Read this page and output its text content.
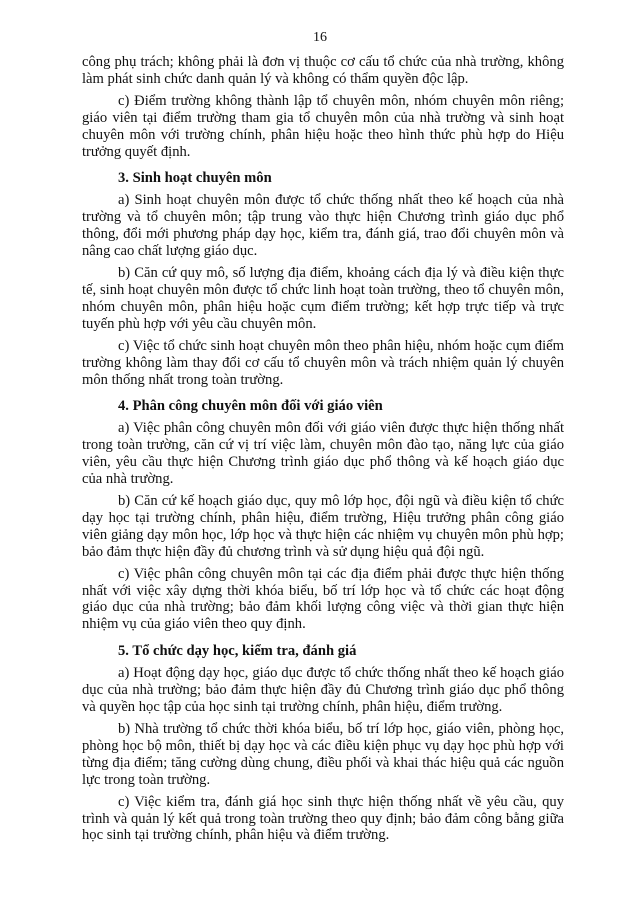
16

công phụ trách; không phải là đơn vị thuộc cơ cấu tổ chức của nhà trường, không làm phát sinh chức danh quản lý và không có thẩm quyền độc lập.

c) Điểm trường không thành lập tổ chuyên môn, nhóm chuyên môn riêng; giáo viên tại điểm trường tham gia tổ chuyên môn của nhà trường và sinh hoạt chuyên môn với trường chính, phân hiệu hoặc theo hình thức phù hợp do Hiệu trưởng quyết định.

3. Sinh hoạt chuyên môn

a) Sinh hoạt chuyên môn được tổ chức thống nhất theo kế hoạch của nhà trường và tổ chuyên môn; tập trung vào thực hiện Chương trình giáo dục phổ thông, đổi mới phương pháp dạy học, kiểm tra, đánh giá, trao đổi chuyên môn và nâng cao chất lượng giáo dục.

b) Căn cứ quy mô, số lượng địa điểm, khoảng cách địa lý và điều kiện thực tế, sinh hoạt chuyên môn được tổ chức linh hoạt toàn trường, theo tổ chuyên môn, nhóm chuyên môn, phân hiệu hoặc cụm điểm trường; kết hợp trực tiếp và trực tuyến phù hợp với yêu cầu chuyên môn.

c) Việc tổ chức sinh hoạt chuyên môn theo phân hiệu, nhóm hoặc cụm điểm trường không làm thay đổi cơ cấu tổ chuyên môn và trách nhiệm quản lý chuyên môn thống nhất trong toàn trường.

4. Phân công chuyên môn đối với giáo viên

a) Việc phân công chuyên môn đối với giáo viên được thực hiện thống nhất trong toàn trường, căn cứ vị trí việc làm, chuyên môn đào tạo, năng lực của giáo viên, yêu cầu thực hiện Chương trình giáo dục phổ thông và kế hoạch giáo dục của nhà trường.

b) Căn cứ kế hoạch giáo dục, quy mô lớp học, đội ngũ và điều kiện tổ chức dạy học tại trường chính, phân hiệu, điểm trường, Hiệu trưởng phân công giáo viên giảng dạy môn học, lớp học và thực hiện các nhiệm vụ chuyên môn phù hợp; bảo đảm thực hiện đầy đủ chương trình và sử dụng hiệu quả đội ngũ.

c) Việc phân công chuyên môn tại các địa điểm phải được thực hiện thống nhất với việc xây dựng thời khóa biểu, bố trí lớp học và tổ chức các hoạt động giáo dục của nhà trường; bảo đảm khối lượng công việc và thời gian thực hiện nhiệm vụ của giáo viên theo quy định.

5. Tổ chức dạy học, kiểm tra, đánh giá

a) Hoạt động dạy học, giáo dục được tổ chức thống nhất theo kế hoạch giáo dục của nhà trường; bảo đảm thực hiện đầy đủ Chương trình giáo dục phổ thông và quyền học tập của học sinh tại trường chính, phân hiệu, điểm trường.

b) Nhà trường tổ chức thời khóa biểu, bố trí lớp học, giáo viên, phòng học, phòng học bộ môn, thiết bị dạy học và các điều kiện phục vụ dạy học phù hợp với từng địa điểm; tăng cường dùng chung, điều phối và khai thác hiệu quả các nguồn lực trong toàn trường.

c) Việc kiểm tra, đánh giá học sinh thực hiện thống nhất về yêu cầu, quy trình và quản lý kết quả trong toàn trường theo quy định; bảo đảm công bằng giữa học sinh tại trường chính, phân hiệu và điểm trường.
